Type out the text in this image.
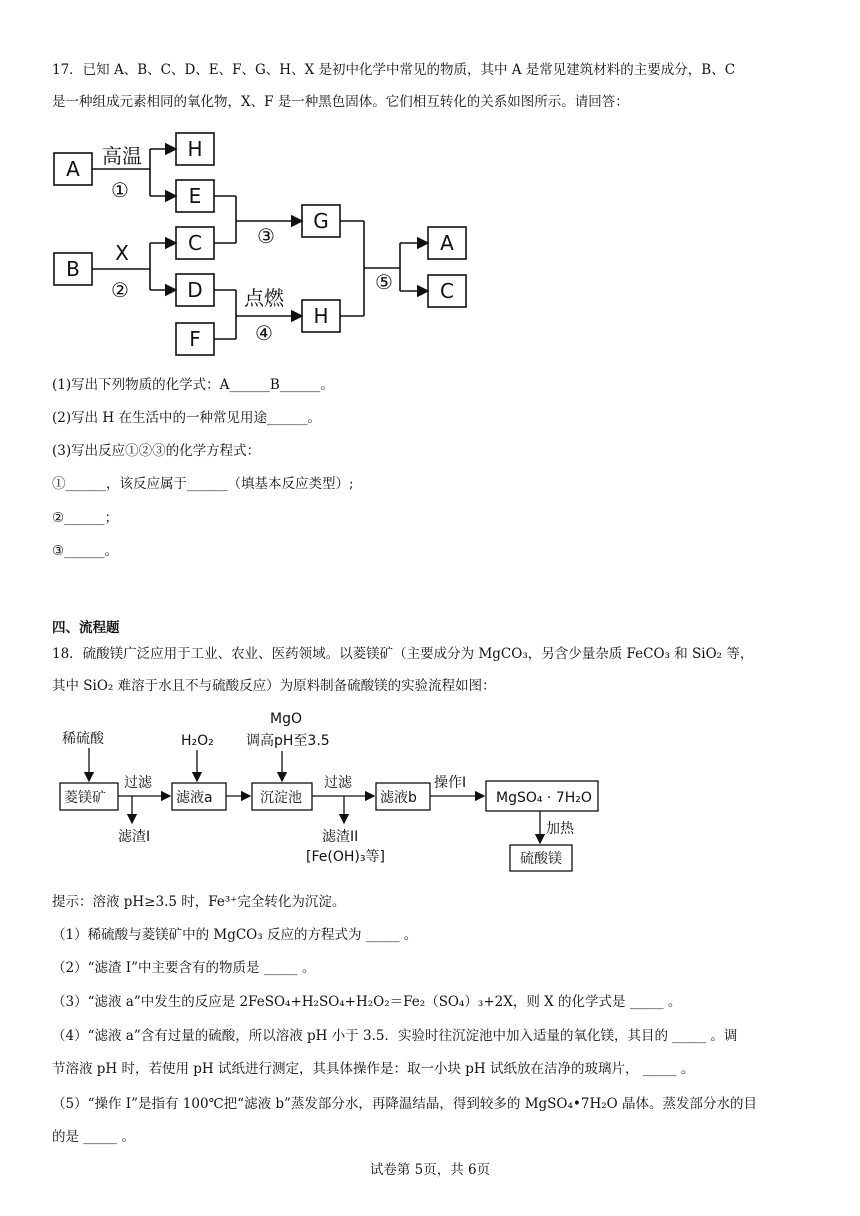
17．已知 A、B、C、D、E、F、G、H、X 是初中化学中常见的物质，其中 A 是常见建筑材料的主要成分，B、C
是一种组成元素相同的氧化物，X、F 是一种黑色固体。它们相互转化的关系如图所示。请回答：
A
H
E
G
B
C
D
F
H
A
C
高温
①
X
②
③
点燃
④
⑤
(1)写出下列物质的化学式：A______B______。
(2)写出 H 在生活中的一种常见用途______。
(3)写出反应①②③的化学方程式：
①______，该反应属于______（填基本反应类型）;
②______；
③______。
四、流程题
18．硫酸镁广泛应用于工业、农业、医药领域。以菱镁矿（主要成分为 MgCO₃，另含少量杂质 FeCO₃ 和 SiO₂ 等，
其中 SiO₂ 难溶于水且不与硫酸反应）为原料制备硫酸镁的实验流程如图：
稀硫酸	H₂O₂
MgO
调高pH至3.5
菱镁矿	滤液a	沉淀池	滤液b	MgSO₄ · 7H₂O
硫酸镁
过滤	过滤	操作I
加热
滤渣I	滤渣II
[Fe(OH)₃等]
提示：溶液 pH≥3.5 时，Fe³⁺完全转化为沉淀。
（1）稀硫酸与菱镁矿中的 MgCO₃ 反应的方程式为 _____ 。
（2）“滤渣 I”中主要含有的物质是 _____ 。
（3）“滤液 a”中发生的反应是 2FeSO₄+H₂SO₄+H₂O₂＝Fe₂（SO₄）₃+2X，则 X 的化学式是 _____ 。
（4）“滤液 a”含有过量的硫酸，所以溶液 pH 小于 3.5．实验时往沉淀池中加入适量的氧化镁，其目的 _____ 。调
节溶液 pH 时，若使用 pH 试纸进行测定，其具体操作是：取一小块 pH 试纸放在洁净的玻璃片， _____ 。
（5）“操作 I”是指有 100℃把“滤液 b”蒸发部分水，再降温结晶，得到较多的 MgSO₄•7H₂O 晶体。蒸发部分水的目
的是 _____ 。
试卷第 5页，共 6页
